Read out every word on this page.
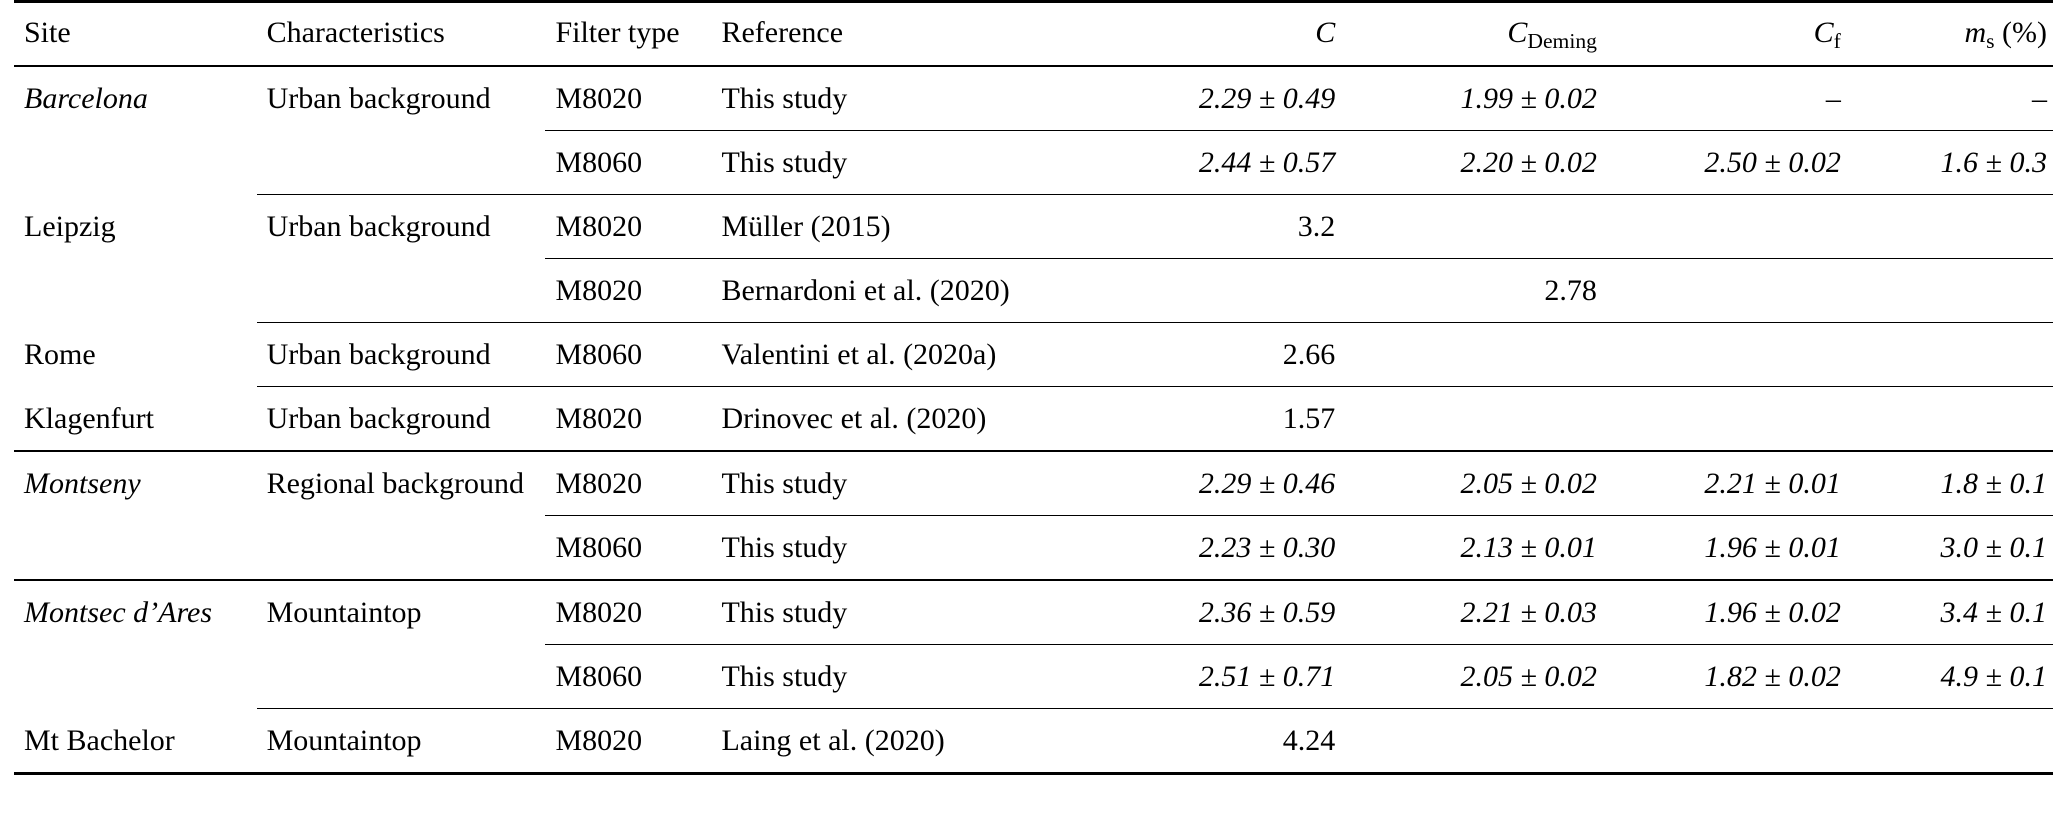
Site	Characteristics	Filter type	Reference	C	$C_{Deming}$	$C_f$	$m_s$ (%)
Barcelona	Urban background	M8020	This study	2.29 ± 0.49	1.99 ± 0.02	–	–
		M8060	This study	2.44 ± 0.57	2.20 ± 0.02	2.50 ± 0.02	1.6 ± 0.3
Leipzig	Urban background	M8020	Müller (2015)	3.2			
		M8020	Bernardoni et al. (2020)		2.78		
Rome	Urban background	M8060	Valentini et al. (2020a)	2.66			
Klagenfurt	Urban background	M8020	Drinovec et al. (2020)	1.57			
Montseny	Regional background	M8020	This study	2.29 ± 0.46	2.05 ± 0.02	2.21 ± 0.01	1.8 ± 0.1
		M8060	This study	2.23 ± 0.30	2.13 ± 0.01	1.96 ± 0.01	3.0 ± 0.1
Montsec d’Ares	Mountaintop	M8020	This study	2.36 ± 0.59	2.21 ± 0.03	1.96 ± 0.02	3.4 ± 0.1
		M8060	This study	2.51 ± 0.71	2.05 ± 0.02	1.82 ± 0.02	4.9 ± 0.1
Mt Bachelor	Mountaintop	M8020	Laing et al. (2020)	4.24			
